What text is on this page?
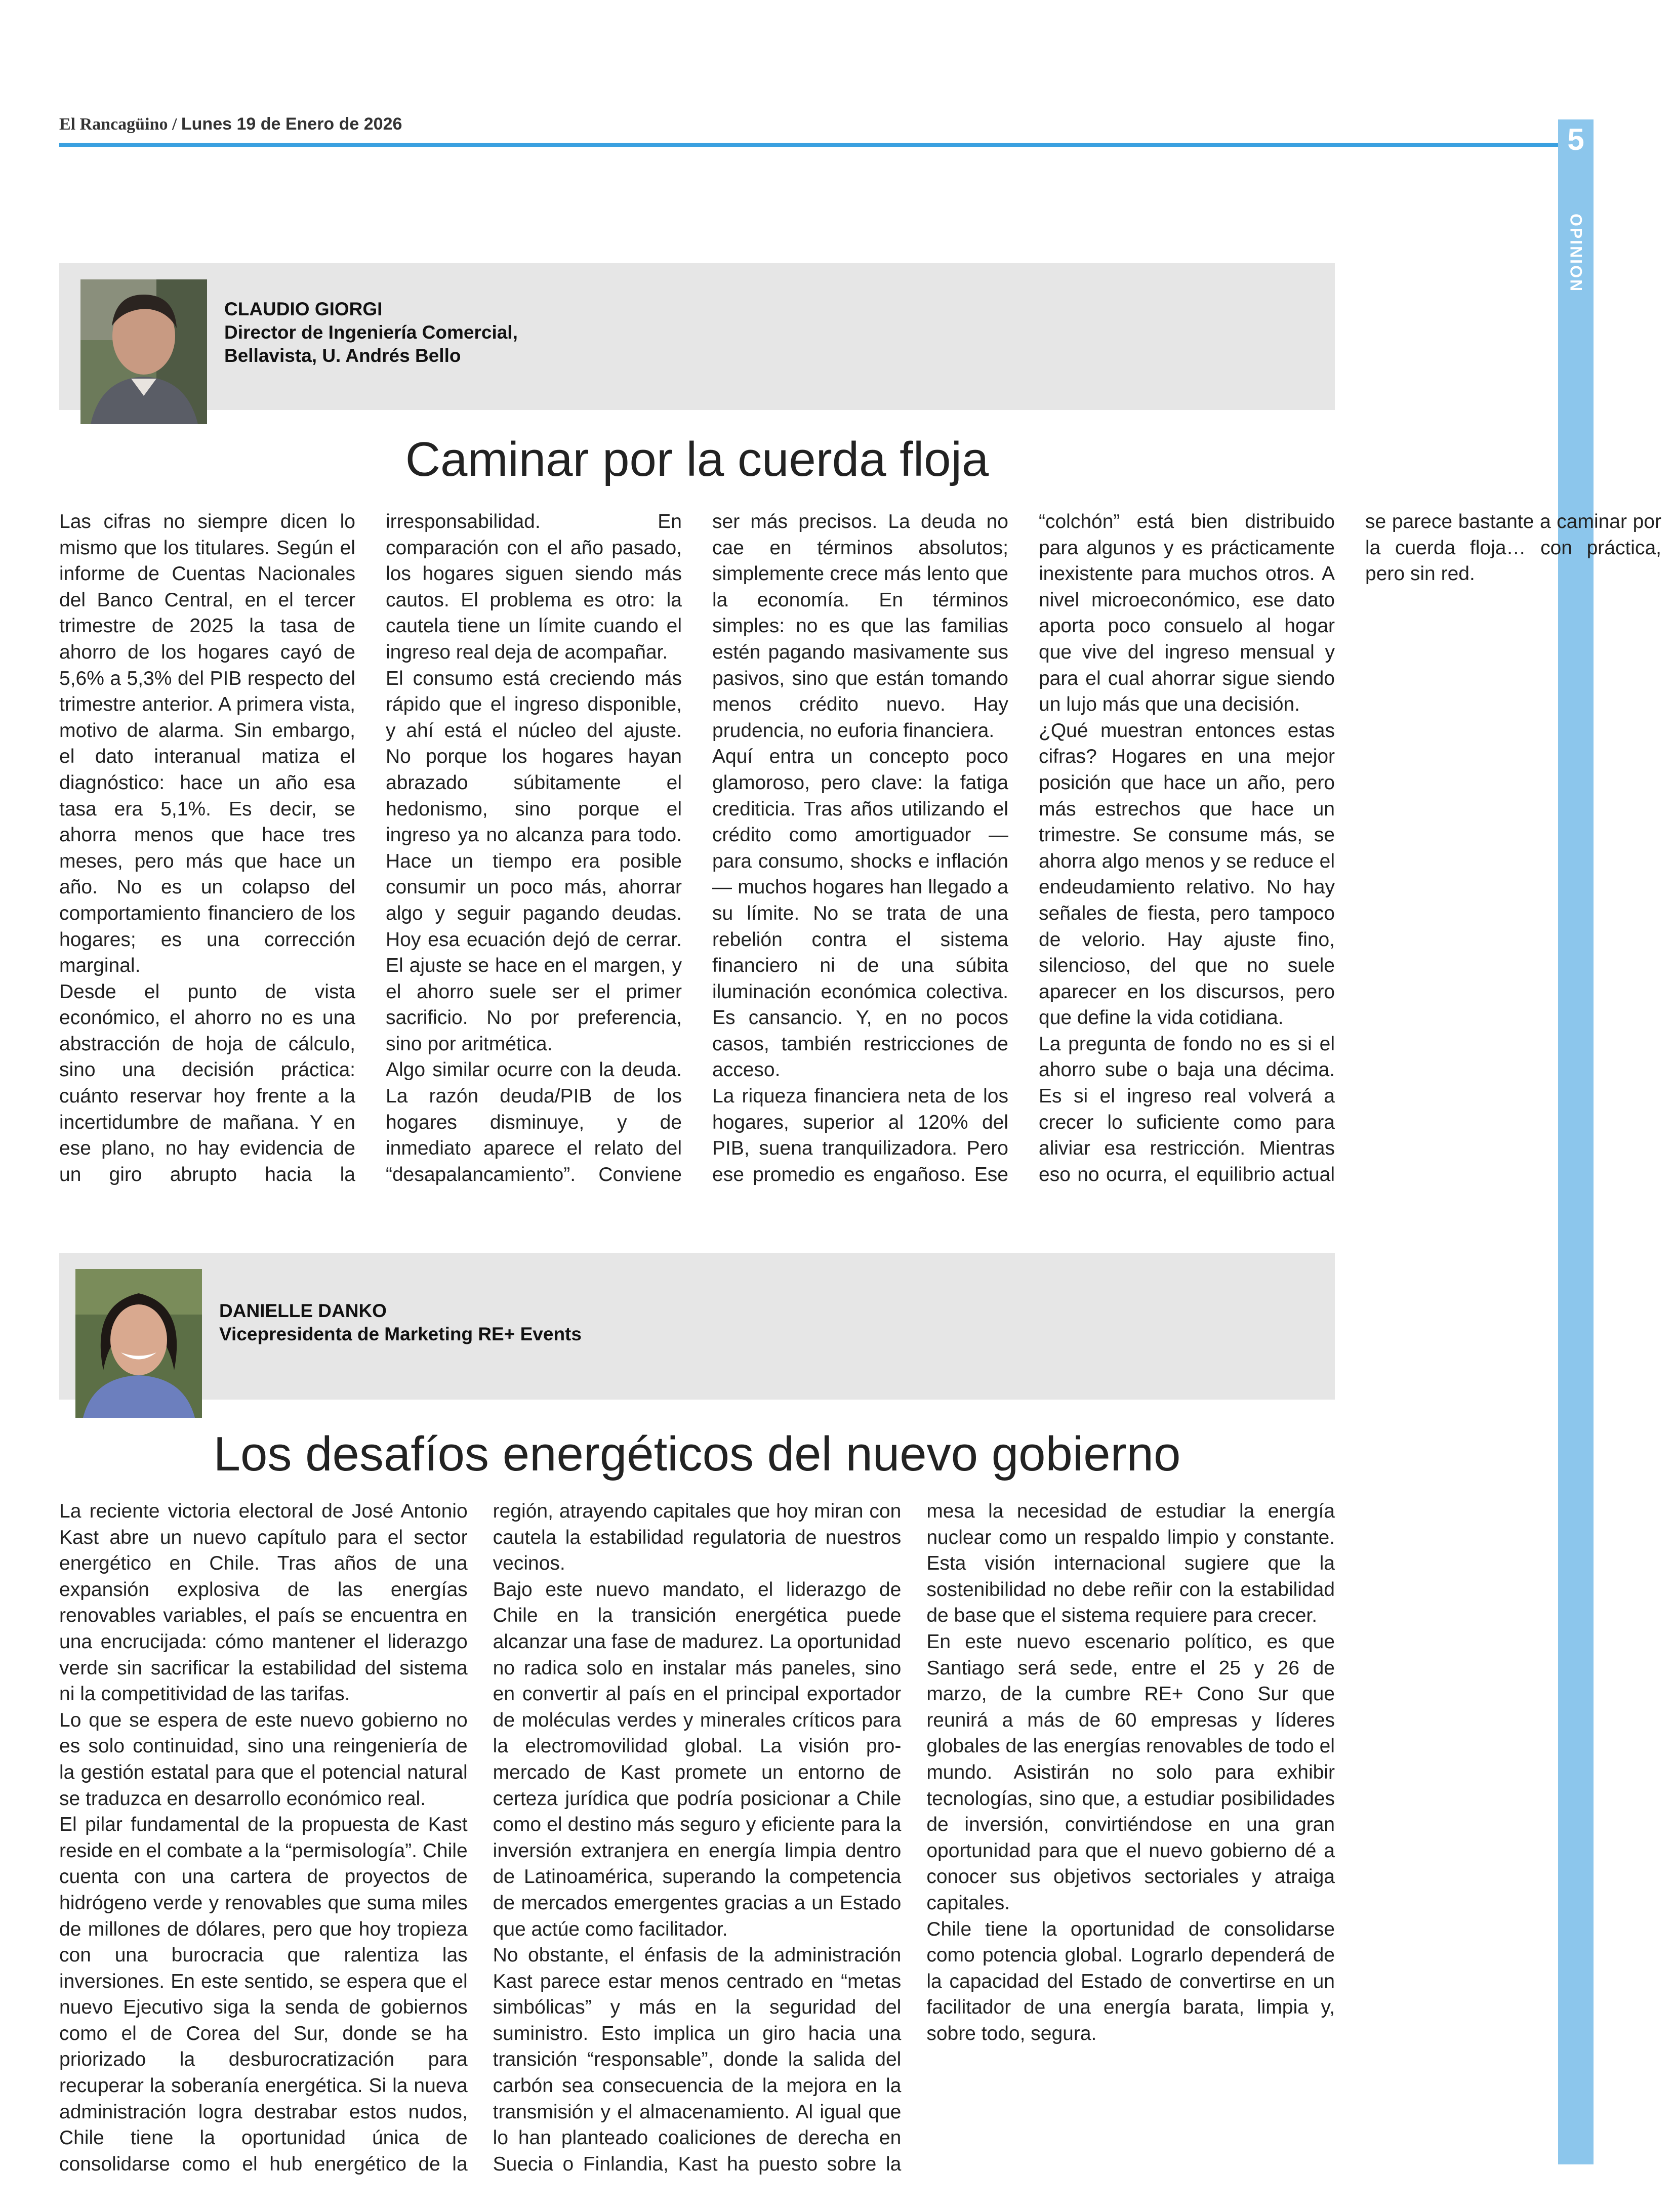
El Rancagüino / Lunes 19 de Enero de 2026	5
OPINION
CLAUDIO GIORGI
Director de Ingeniería Comercial,
Bellavista, U. Andrés Bello
Caminar por la cuerda floja

Las cifras no siempre dicen lo mismo que los titulares. Según el informe de Cuentas Nacionales del Banco Central, en el tercer trimestre de 2025 la tasa de ahorro de los hogares cayó de 5,6% a 5,3% del PIB respecto del trimestre anterior. A primera vista, motivo de alarma. Sin embargo, el dato interanual matiza el diagnóstico: hace un año esa tasa era 5,1%. Es decir, se ahorra menos que hace tres meses, pero más que hace un año. No es un colapso del comportamiento financiero de los hogares; es una corrección marginal.

Desde el punto de vista económico, el ahorro no es una abstracción de hoja de cálculo, sino una decisión práctica: cuánto reservar hoy frente a la incertidumbre de mañana. Y en ese plano, no hay evidencia de un giro abrupto hacia la irresponsabilidad. En comparación con el año pasado, los hogares siguen siendo más cautos. El problema es otro: la cautela tiene un límite cuando el ingreso real deja de acompañar.

El consumo está creciendo más rápido que el ingreso disponible, y ahí está el núcleo del ajuste. No porque los hogares hayan abrazado súbitamente el hedonismo, sino porque el ingreso ya no alcanza para todo. Hace un tiempo era posible consumir un poco más, ahorrar algo y seguir pagando deudas. Hoy esa ecuación dejó de cerrar. El ajuste se hace en el margen, y el ahorro suele ser el primer sacrificio. No por preferencia, sino por aritmética.

Algo similar ocurre con la deuda. La razón deuda/PIB de los hogares disminuye, y de inmediato aparece el relato del “desapalancamiento”. Conviene ser más precisos. La deuda no cae en términos absolutos; simplemente crece más lento que la economía. En términos simples: no es que las familias estén pagando masivamente sus pasivos, sino que están tomando menos crédito nuevo. Hay prudencia, no euforia financiera.

Aquí entra un concepto poco glamoroso, pero clave: la fatiga crediticia. Tras años utilizando el crédito como amortiguador —para consumo, shocks e inflación— muchos hogares han llegado a su límite. No se trata de una rebelión contra el sistema financiero ni de una súbita iluminación económica colectiva. Es cansancio. Y, en no pocos casos, también restricciones de acceso.

La riqueza financiera neta de los hogares, superior al 120% del PIB, suena tranquilizadora. Pero ese promedio es engañoso. Ese “colchón” está bien distribuido para algunos y es prácticamente inexistente para muchos otros. A nivel microeconómico, ese dato aporta poco consuelo al hogar que vive del ingreso mensual y para el cual ahorrar sigue siendo un lujo más que una decisión.

¿Qué muestran entonces estas cifras? Hogares en una mejor posición que hace un año, pero más estrechos que hace un trimestre. Se consume más, se ahorra algo menos y se reduce el endeudamiento relativo. No hay señales de fiesta, pero tampoco de velorio. Hay ajuste fino, silencioso, del que no suele aparecer en los discursos, pero que define la vida cotidiana.

La pregunta de fondo no es si el ahorro sube o baja una décima. Es si el ingreso real volverá a crecer lo suficiente como para aliviar esa restricción. Mientras eso no ocurra, el equilibrio actual se parece bastante a caminar por la cuerda floja… con práctica, pero sin red.

DANIELLE DANKO
Vicepresidenta de Marketing RE+ Events
Los desafíos energéticos del nuevo gobierno

La reciente victoria electoral de José Antonio Kast abre un nuevo capítulo para el sector energético en Chile. Tras años de una expansión explosiva de las energías renovables variables, el país se encuentra en una encrucijada: cómo mantener el liderazgo verde sin sacrificar la estabilidad del sistema ni la competitividad de las tarifas.

Lo que se espera de este nuevo gobierno no es solo continuidad, sino una reingeniería de la gestión estatal para que el potencial natural se traduzca en desarrollo económico real.

El pilar fundamental de la propuesta de Kast reside en el combate a la “permisología”. Chile cuenta con una cartera de proyectos de hidrógeno verde y renovables que suma miles de millones de dólares, pero que hoy tropieza con una burocracia que ralentiza las inversiones. En este sentido, se espera que el nuevo Ejecutivo siga la senda de gobiernos como el de Corea del Sur, donde se ha priorizado la desburocratización para recuperar la soberanía energética. Si la nueva administración logra destrabar estos nudos, Chile tiene la oportunidad única de consolidarse como el hub energético de la región, atrayendo capitales que hoy miran con cautela la estabilidad regulatoria de nuestros vecinos.

Bajo este nuevo mandato, el liderazgo de Chile en la transición energética puede alcanzar una fase de madurez. La oportunidad no radica solo en instalar más paneles, sino en convertir al país en el principal exportador de moléculas verdes y minerales críticos para la electromovilidad global. La visión pro-mercado de Kast promete un entorno de certeza jurídica que podría posicionar a Chile como el destino más seguro y eficiente para la inversión extranjera en energía limpia dentro de Latinoamérica, superando la competencia de mercados emergentes gracias a un Estado que actúe como facilitador.

No obstante, el énfasis de la administración Kast parece estar menos centrado en “metas simbólicas” y más en la seguridad del suministro. Esto implica un giro hacia una transición “responsable”, donde la salida del carbón sea consecuencia de la mejora en la transmisión y el almacenamiento. Al igual que lo han planteado coaliciones de derecha en Suecia o Finlandia, Kast ha puesto sobre la mesa la necesidad de estudiar la energía nuclear como un respaldo limpio y constante. Esta visión internacional sugiere que la sostenibilidad no debe reñir con la estabilidad de base que el sistema requiere para crecer.

En este nuevo escenario político, es que Santiago será sede, entre el 25 y 26 de marzo, de la cumbre RE+ Cono Sur que reunirá a más de 60 empresas y líderes globales de las energías renovables de todo el mundo. Asistirán no solo para exhibir tecnologías, sino que, a estudiar posibilidades de inversión, convirtiéndose en una gran oportunidad para que el nuevo gobierno dé a conocer sus objetivos sectoriales y atraiga capitales.

Chile tiene la oportunidad de consolidarse como potencia global. Lograrlo dependerá de la capacidad del Estado de convertirse en un facilitador de una energía barata, limpia y, sobre todo, segura.
